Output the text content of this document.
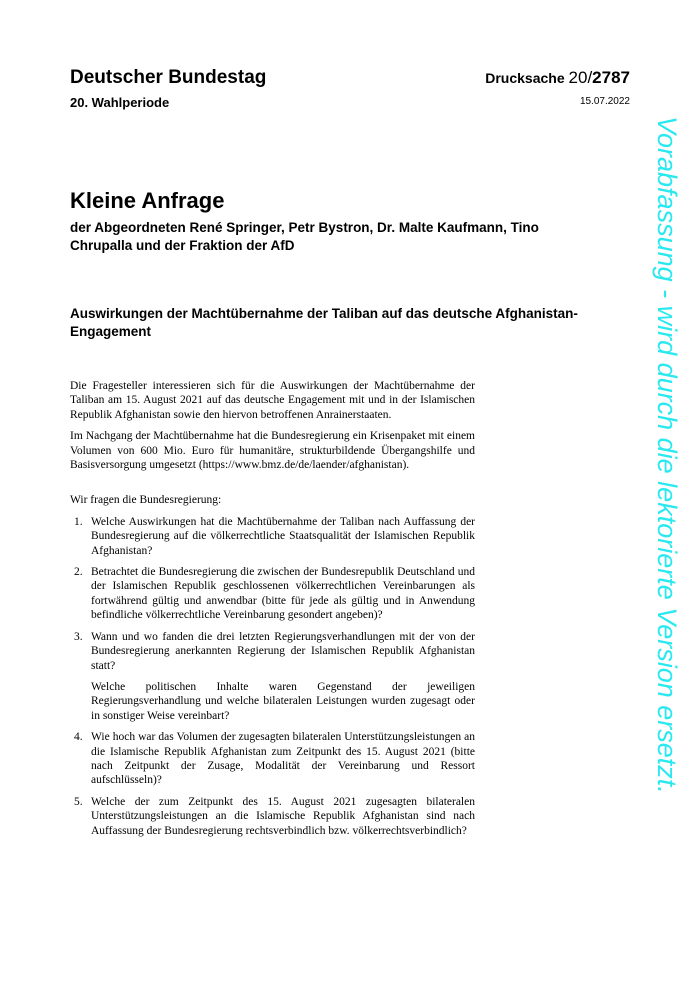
Deutscher Bundestag
20. Wahlperiode
Drucksache 20/2787
15.07.2022
Kleine Anfrage
der Abgeordneten René Springer, Petr Bystron, Dr. Malte Kaufmann, Tino Chrupalla und der Fraktion der AfD
Auswirkungen der Machtübernahme der Taliban auf das deutsche Afghanistan-Engagement

Die Fragesteller interessieren sich für die Auswirkungen der Machtübernahme der Taliban am 15. August 2021 auf das deutsche Engagement mit und in der Islamischen Republik Afghanistan sowie den hiervon betroffenen Anrainerstaaten.

Im Nachgang der Machtübernahme hat die Bundesregierung ein Krisenpaket mit einem Volumen von 600 Mio. Euro für humanitäre, strukturbildende Übergangshilfe und Basisversorgung umgesetzt (https://www.bmz.de/de/laender/afghanistan).

Wir fragen die Bundesregierung:

1. Welche Auswirkungen hat die Machtübernahme der Taliban nach Auffassung der Bundesregierung auf die völkerrechtliche Staatsqualität der Islamischen Republik Afghanistan?

2. Betrachtet die Bundesregierung die zwischen der Bundesrepublik Deutschland und der Islamischen Republik geschlossenen völkerrechtlichen Vereinbarungen als fortwährend gültig und anwendbar (bitte für jede als gültig und in Anwendung befindliche völkerrechtliche Vereinbarung gesondert angeben)?

3. Wann und wo fanden die drei letzten Regierungsverhandlungen mit der von der Bundesregierung anerkannten Regierung der Islamischen Republik Afghanistan statt?

Welche politischen Inhalte waren Gegenstand der jeweiligen Regierungsverhandlung und welche bilateralen Leistungen wurden zugesagt oder in sonstiger Weise vereinbart?

4. Wie hoch war das Volumen der zugesagten bilateralen Unterstützungsleistungen an die Islamische Republik Afghanistan zum Zeitpunkt des 15. August 2021 (bitte nach Zeitpunkt der Zusage, Modalität der Vereinbarung und Ressort aufschlüsseln)?

5. Welche der zum Zeitpunkt des 15. August 2021 zugesagten bilateralen Unterstützungsleistungen an die Islamische Republik Afghanistan sind nach Auffassung der Bundesregierung rechtsverbindlich bzw. völkerrechtsverbindlich?

Vorabfassung - wird durch die lektorierte Version ersetzt.
